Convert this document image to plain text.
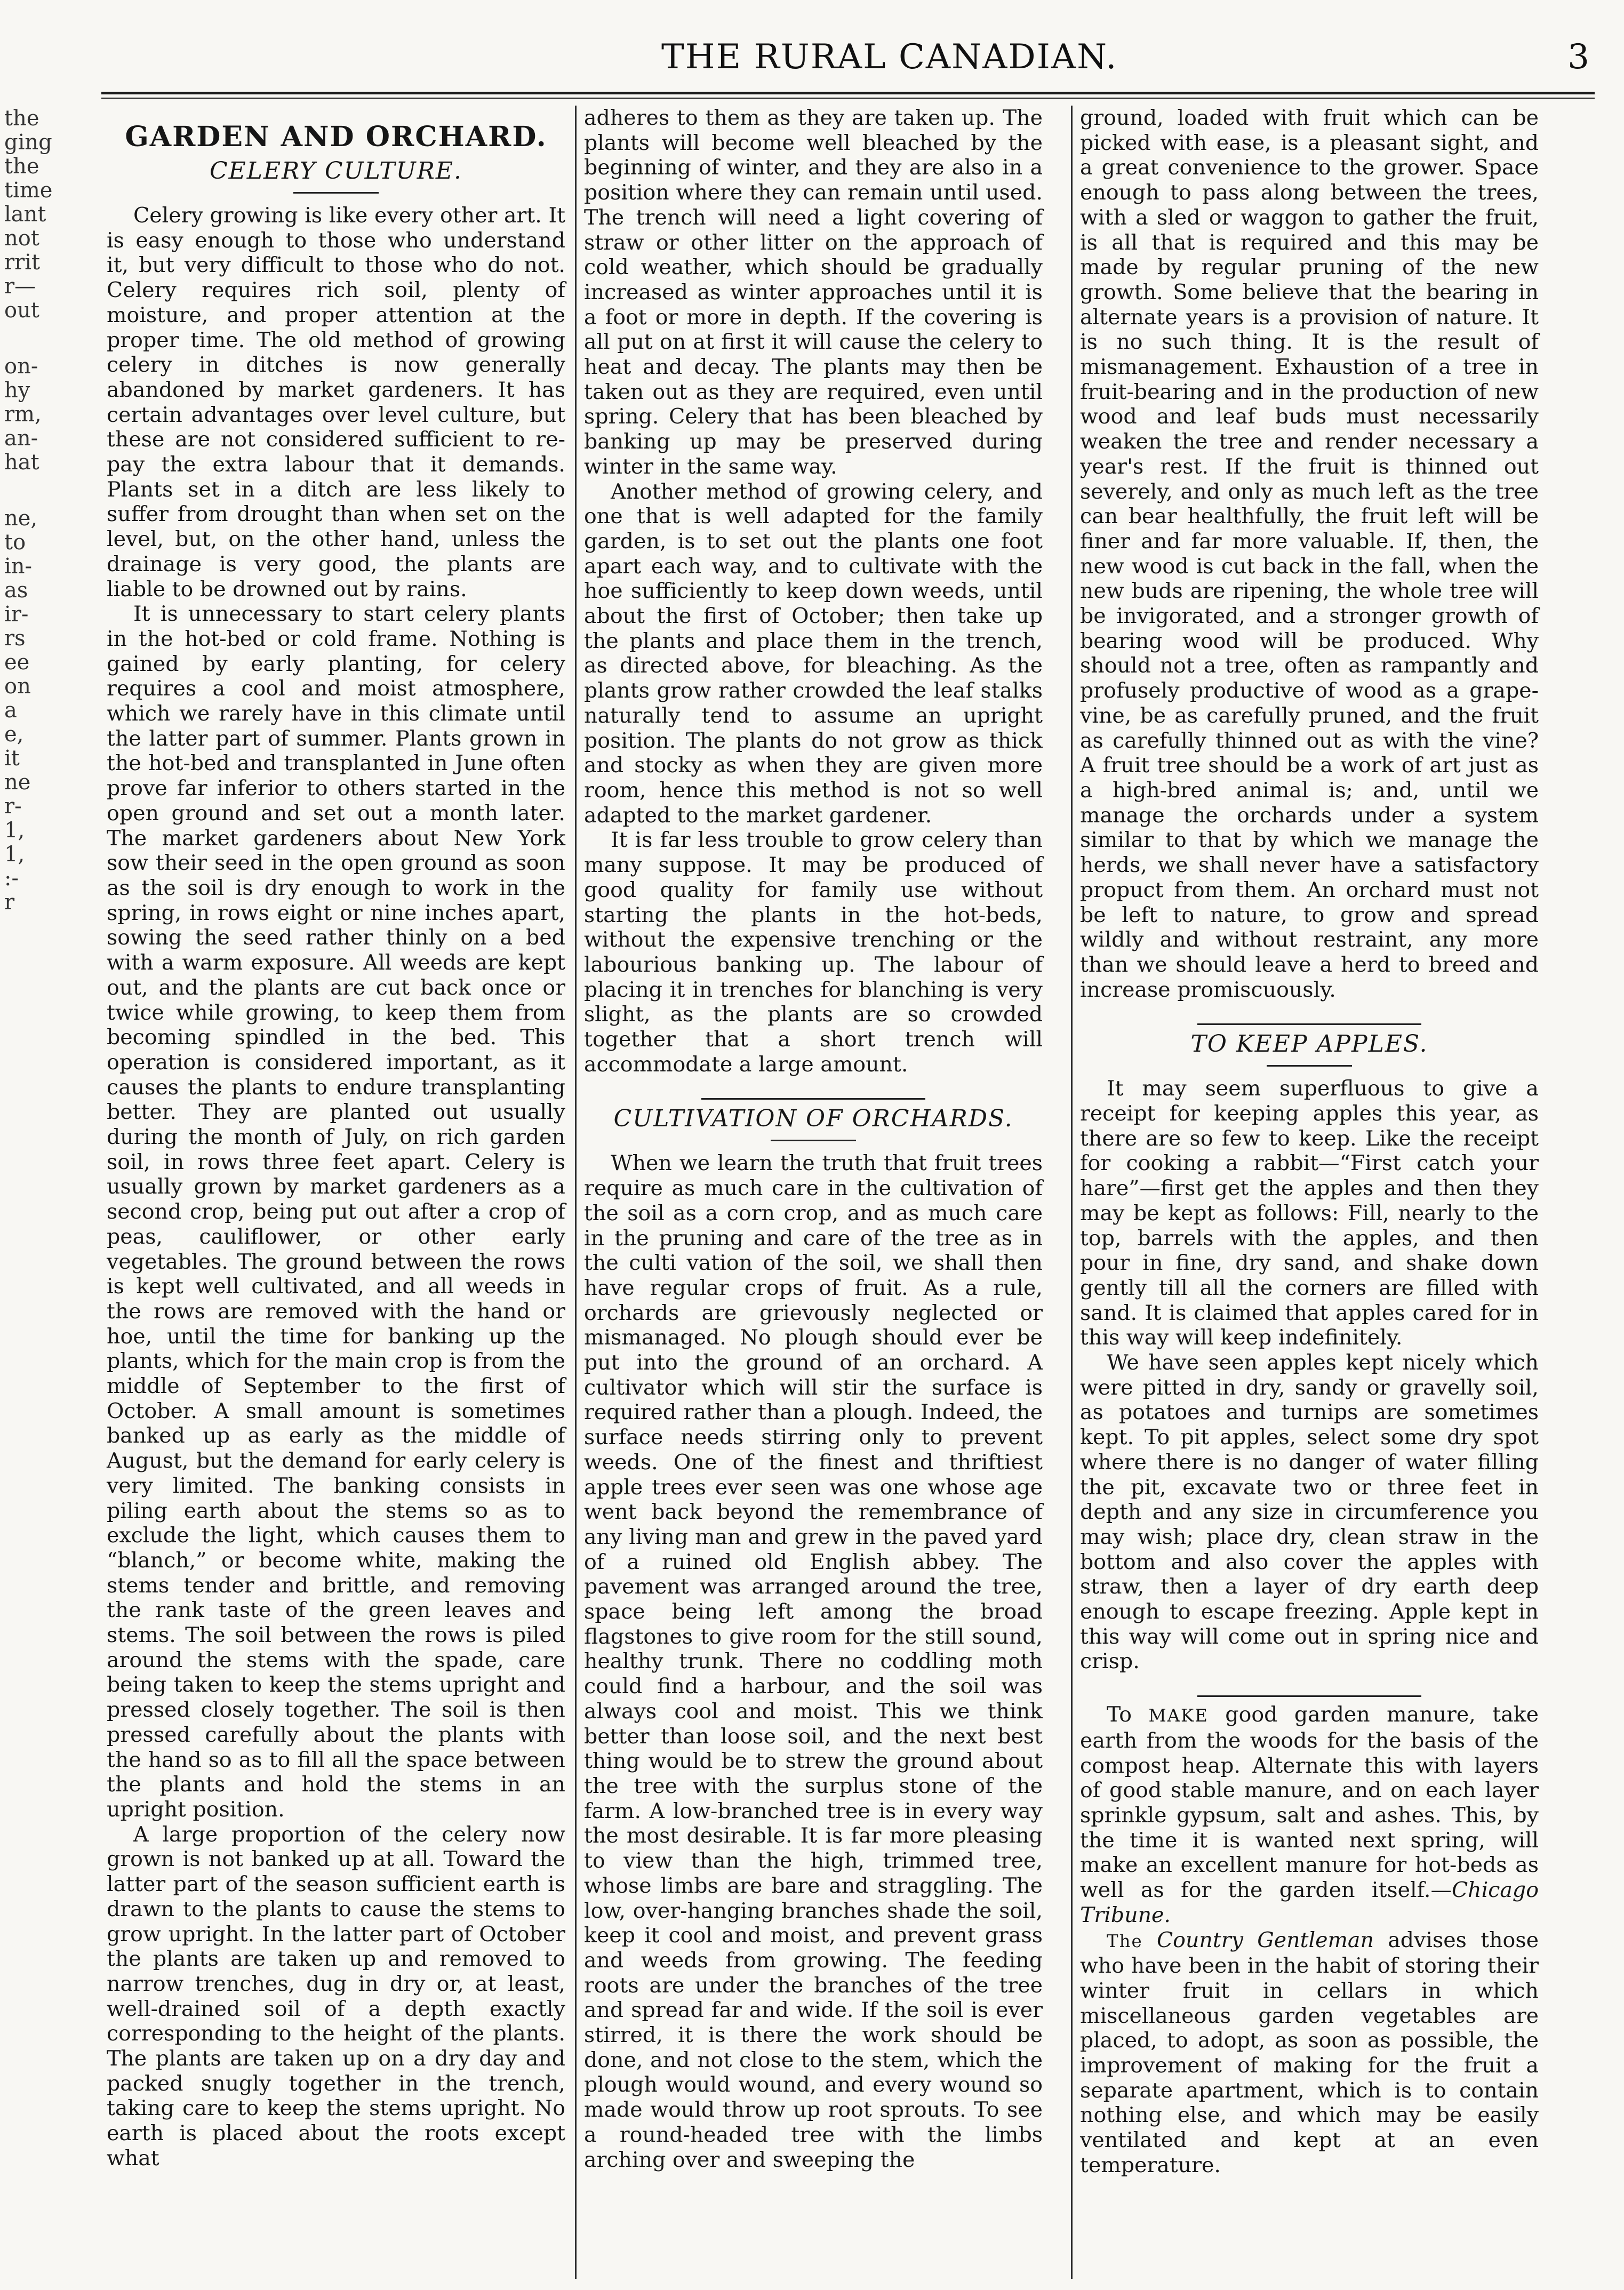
the
ging
the
time
lant
not
rrit
r—
out
on-
hy
rm,
an-
hat
ne,
to
in-
as
ir-
rs
ee
on
a
e,
it
ne
r-
1,
1,
:-
r
THE RURAL CANADIAN.	3
GARDEN AND ORCHARD.
CELERY CULTURE.

Celery growing is like every other art. It is easy enough to those who understand it, but very difficult to those who do not. Celery requires rich soil, plenty of moisture, and proper attention at the proper time. The old method of growing celery in ditches is now generally abandoned by market gardeners. It has certain advantages over level culture, but these are not considered sufficient to repay the extra labour that it demands. Plants set in a ditch are less likely to suffer from drought than when set on the level, but, on the other hand, unless the drainage is very good, the plants are liable to be drowned out by rains.

It is unnecessary to start celery plants in the hot-bed or cold frame. Nothing is gained by early planting, for celery requires a cool and moist atmosphere, which we rarely have in this climate until the latter part of summer. Plants grown in the hot-bed and transplanted in June often prove far inferior to others started in the open ground and set out a month later. The market gardeners about New York sow their seed in the open ground as soon as the soil is dry enough to work in the spring, in rows eight or nine inches apart, sowing the seed rather thinly on a bed with a warm exposure. All weeds are kept out, and the plants are cut back once or twice while growing, to keep them from becoming spindled in the bed. This operation is considered important, as it causes the plants to endure transplanting better. They are planted out usually during the month of July, on rich garden soil, in rows three feet apart. Celery is usually grown by market gardeners as a second crop, being put out after a crop of peas, cauliflower, or other early vegetables. The ground between the rows is kept well cultivated, and all weeds in the rows are removed with the hand or hoe, until the time for banking up the plants, which for the main crop is from the middle of September to the first of October. A small amount is sometimes banked up as early as the middle of August, but the demand for early celery is very limited. The banking consists in piling earth about the stems so as to exclude the light, which causes them to “blanch,” or become white, making the stems tender and brittle, and removing the rank taste of the green leaves and stems. The soil between the rows is piled around the stems with the spade, care being taken to keep the stems upright and pressed closely together. The soil is then pressed carefully about the plants with the hand so as to fill all the space between the plants and hold the stems in an upright position.

A large proportion of the celery now grown is not banked up at all. Toward the latter part of the season sufficient earth is drawn to the plants to cause the stems to grow upright. In the latter part of October the plants are taken up and removed to narrow trenches, dug in dry or, at least, well-drained soil of a depth exactly corresponding to the height of the plants. The plants are taken up on a dry day and packed snugly together in the trench, taking care to keep the stems upright. No earth is placed about the roots except what

adheres to them as they are taken up. The plants will become well bleached by the beginning of winter, and they are also in a position where they can remain until used. The trench will need a light covering of straw or other litter on the approach of cold weather, which should be gradually increased as winter approaches until it is a foot or more in depth. If the covering is all put on at first it will cause the celery to heat and decay. The plants may then be taken out as they are required, even until spring. Celery that has been bleached by banking up may be preserved during winter in the same way.

Another method of growing celery, and one that is well adapted for the family garden, is to set out the plants one foot apart each way, and to cultivate with the hoe sufficiently to keep down weeds, until about the first of October; then take up the plants and place them in the trench, as directed above, for bleaching. As the plants grow rather crowded the leaf stalks naturally tend to assume an upright position. The plants do not grow as thick and stocky as when they are given more room, hence this method is not so well adapted to the market gardener.

It is far less trouble to grow celery than many suppose. It may be produced of good quality for family use without starting the plants in the hot-beds, without the expensive trenching or the labourious banking up. The labour of placing it in trenches for blanching is very slight, as the plants are so crowded together that a short trench will accommodate a large amount.

CULTIVATION OF ORCHARDS.

When we learn the truth that fruit trees require as much care in the cultivation of the soil as a corn crop, and as much care in the pruning and care of the tree as in the culti vation of the soil, we shall then have regular crops of fruit. As a rule, orchards are grievously neglected or mismanaged. No plough should ever be put into the ground of an orchard. A cultivator which will stir the surface is required rather than a plough. Indeed, the surface needs stirring only to prevent weeds. One of the finest and thriftiest apple trees ever seen was one whose age went back beyond the remembrance of any living man and grew in the paved yard of a ruined old English abbey. The pavement was arranged around the tree, space being left among the broad flagstones to give room for the still sound, healthy trunk. There no coddling moth could find a harbour, and the soil was always cool and moist. This we think better than loose soil, and the next best thing would be to strew the ground about the tree with the surplus stone of the farm. A low-branched tree is in every way the most desirable. It is far more pleasing to view than the high, trimmed tree, whose limbs are bare and straggling. The low, over-hanging branches shade the soil, keep it cool and moist, and prevent grass and weeds from growing. The feeding roots are under the branches of the tree and spread far and wide. If the soil is ever stirred, it is there the work should be done, and not close to the stem, which the plough would wound, and every wound so made would throw up root sprouts. To see a round-headed tree with the limbs arching over and sweeping the

ground, loaded with fruit which can be picked with ease, is a pleasant sight, and a great convenience to the grower. Space enough to pass along between the trees, with a sled or waggon to gather the fruit, is all that is required and this may be made by regular pruning of the new growth. Some believe that the bearing in alternate years is a provision of nature. It is no such thing. It is the result of mismanagement. Exhaustion of a tree in fruit-bearing and in the production of new wood and leaf buds must necessarily weaken the tree and render necessary a year's rest. If the fruit is thinned out severely, and only as much left as the tree can bear healthfully, the fruit left will be finer and far more valuable. If, then, the new wood is cut back in the fall, when the new buds are ripening, the whole tree will be invigorated, and a stronger growth of bearing wood will be produced. Why should not a tree, often as rampantly and profusely productive of wood as a grape-vine, be as carefully pruned, and the fruit as carefully thinned out as with the vine? A fruit tree should be a work of art just as a high-bred animal is; and, until we manage the orchards under a system similar to that by which we manage the herds, we shall never have a satisfactory propuct from them. An orchard must not be left to nature, to grow and spread wildly and without restraint, any more than we should leave a herd to breed and increase promiscuously.

TO KEEP APPLES.

It may seem superfluous to give a receipt for keeping apples this year, as there are so few to keep. Like the receipt for cooking a rabbit—“First catch your hare”—first get the apples and then they may be kept as follows: Fill, nearly to the top, barrels with the apples, and then pour in fine, dry sand, and shake down gently till all the corners are filled with sand. It is claimed that apples cared for in this way will keep indefinitely.

We have seen apples kept nicely which were pitted in dry, sandy or gravelly soil, as potatoes and turnips are sometimes kept. To pit apples, select some dry spot where there is no danger of water filling the pit, excavate two or three feet in depth and any size in circumference you may wish; place dry, clean straw in the bottom and also cover the apples with straw, then a layer of dry earth deep enough to escape freezing. Apple kept in this way will come out in spring nice and crisp.

To MAKE good garden manure, take earth from the woods for the basis of the compost heap. Alternate this with layers of good stable manure, and on each layer sprinkle gypsum, salt and ashes. This, by the time it is wanted next spring, will make an excellent manure for hot-beds as well as for the garden itself.—Chicago Tribune.

The Country Gentleman advises those who have been in the habit of storing their winter fruit in cellars in which miscellaneous garden vegetables are placed, to adopt, as soon as possible, the improvement of making for the fruit a separate apartment, which is to contain nothing else, and which may be easily ventilated and kept at an even temperature.
